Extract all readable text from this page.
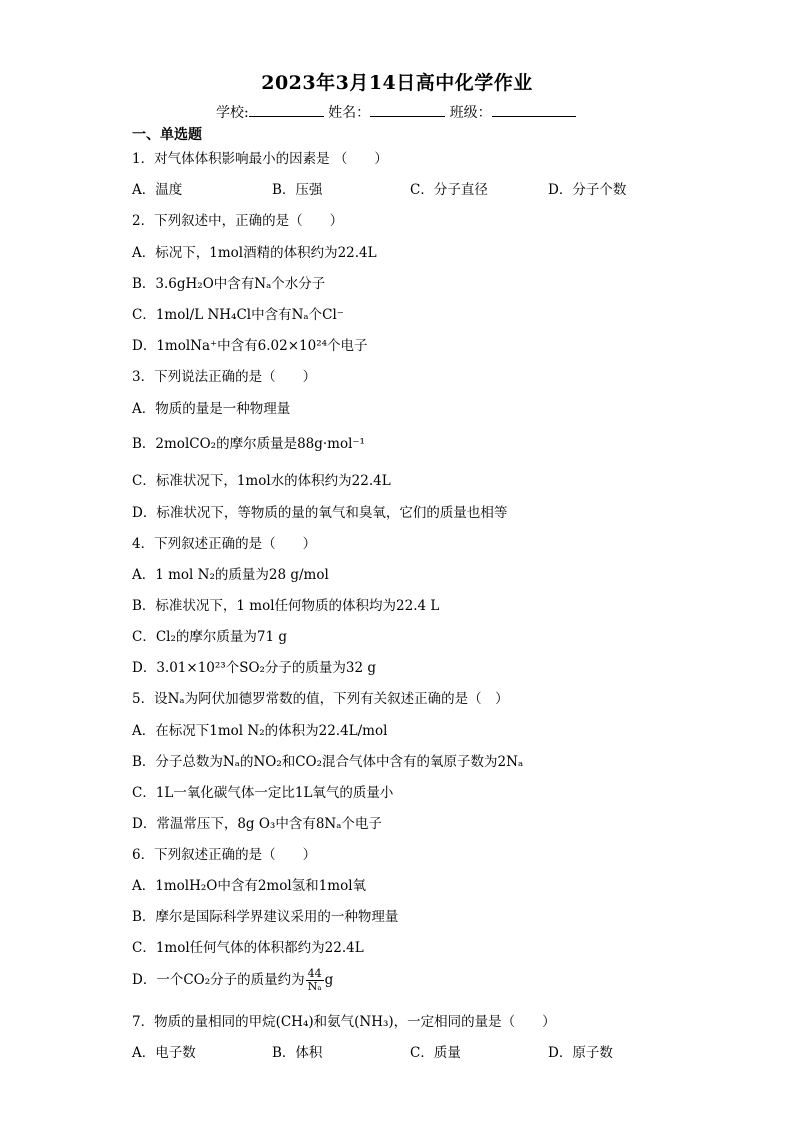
2023年3月14日高中化学作业
学校:	姓名：	班级：
一、单选题
1．对气体体积影响最小的因素是 （　　）
A．温度	B．压强	C．分子直径	D．分子个数
2．下列叙述中，正确的是（　　）
A．标况下，1mol酒精的体积约为22.4L
B．3.6gH₂O中含有Nₐ个水分子
C．1mol/L NH₄Cl中含有Nₐ个Cl⁻
D．1molNa⁺中含有6.02×10²⁴个电子
3．下列说法正确的是（　　）
A．物质的量是一种物理量
B．2molCO₂的摩尔质量是88g·mol⁻¹
C．标准状况下，1mol水的体积约为22.4L
D．标准状况下，等物质的量的氧气和臭氧，它们的质量也相等
4．下列叙述正确的是（　　）
A．1 mol N₂的质量为28 g/mol
B．标准状况下，1 mol任何物质的体积均为22.4 L
C．Cl₂的摩尔质量为71 g
D．3.01×10²³个SO₂分子的质量为32 g
5．设Nₐ为阿伏加德罗常数的值，下列有关叙述正确的是（　）
A．在标况下1mol N₂的体积为22.4L/mol
B．分子总数为Nₐ的NO₂和CO₂混合气体中含有的氧原子数为2Nₐ
C．1L一氧化碳气体一定比1L氧气的质量小
D．常温常压下，8g O₃中含有8Nₐ个电子
6．下列叙述正确的是（　　）
A．1molH₂O中含有2mol氢和1mol氧
B．摩尔是国际科学界建议采用的一种物理量
C．1mol任何气体的体积都约为22.4L
D．一个CO₂分子的质量约为 $\frac{44}{\text{Nₐ}}$ g
7．物质的量相同的甲烷(CH₄)和氨气(NH₃)，一定相同的量是（　　）
A．电子数	B．体积	C．质量	D．原子数
